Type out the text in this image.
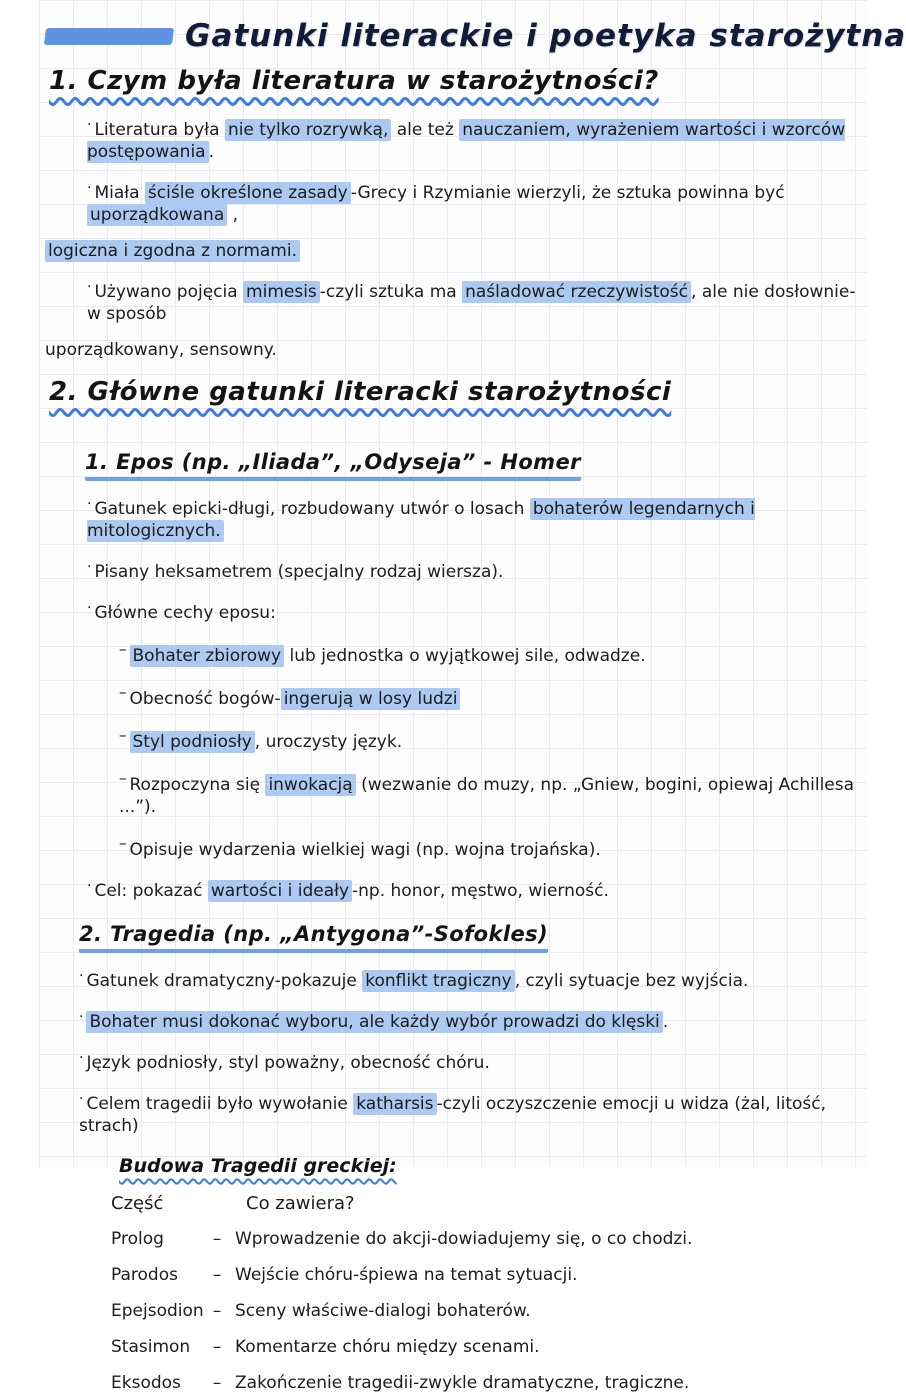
Gatunki literackie i poetyka starożytna
1. Czym była literatura w starożytności?
· Literatura była nie tylko rozrywką, ale też nauczaniem, wyrażeniem wartości i wzorców postępowania .
· Miała ściśle określone zasady -Grecy i Rzymianie wierzyli, że sztuka powinna być uporządkowana ,
logiczna i zgodna z normami.
· Używano pojęcia mimesis -czyli sztuka ma naśladować rzeczywistość , ale nie dosłownie-w sposób
uporządkowany, sensowny.
2. Główne gatunki literacki starożytności

1. Epos (np. „Iliada”, „Odyseja” - Homer
· Gatunek epicki-długi, rozbudowany utwór o losach bohaterów legendarnych i mitologicznych.
· Pisany heksametrem (specjalny rodzaj wiersza).
· Główne cechy eposu:
– Bohater zbiorowy lub jednostka o wyjątkowej sile, odwadze.
– Obecność bogów- ingerują w losy ludzi
– Styl podniosły , uroczysty język.
– Rozpoczyna się inwokacją (wezwanie do muzy, np. „Gniew, bogini, opiewaj Achillesa ...”).
– Opisuje wydarzenia wielkiej wagi (np. wojna trojańska).
· Cel: pokazać wartości i ideały -np. honor, męstwo, wierność.
2. Tragedia (np. „Antygona”-Sofokles)
· Gatunek dramatyczny-pokazuje konflikt tragiczny , czyli sytuacje bez wyjścia.
· Bohater musi dokonać wyboru, ale każdy wybór prowadzi do klęski .
· Język podniosły, styl poważny, obecność chóru.
· Celem tragedii było wywołanie katharsis -czyli oczyszczenie emocji u widza (żal, litość, strach)
Budowa Tragedii greckiej:
Część	Co zawiera?
Prolog	– Wprowadzenie do akcji-dowiadujemy się, o co chodzi.
Parodos	– Wejście chóru-śpiewa na temat sytuacji.
Epejsodion – Sceny właściwe-dialogi bohaterów.
Stasimon	– Komentarze chóru między scenami.
Eksodos	– Zakończenie tragedii-zwykle dramatyczne, tragiczne.
